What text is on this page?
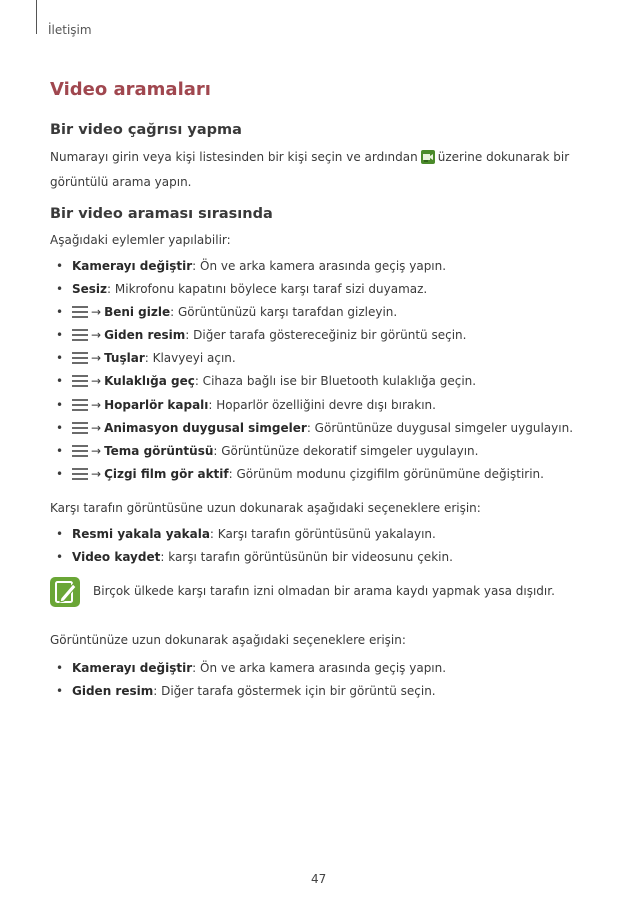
İletişim
Video aramaları
Bir video çağrısı yapma

Numarayı girin veya kişi listesinden bir kişi seçin ve ardından üzerine dokunarak bir
görüntülü arama yapın.

Bir video araması sırasında

Aşağıdaki eylemler yapılabilir:

• Kamerayı değiştir: Ön ve arka kamera arasında geçiş yapın.
• Sesiz: Mikrofonu kapatını böylece karşı taraf sizi duyamaz.
• → Beni gizle: Görüntünüzü karşı tarafdan gizleyin.
• → Giden resim: Diğer tarafa göstereceğiniz bir görüntü seçin.
• → Tuşlar: Klavyeyi açın.
• → Kulaklığa geç: Cihaza bağlı ise bir Bluetooth kulaklığa geçin.
• → Hoparlör kapalı: Hoparlör özelliğini devre dışı bırakın.
• → Animasyon duygusal simgeler: Görüntünüze duygusal simgeler uygulayın.
• → Tema görüntüsü: Görüntünüze dekoratif simgeler uygulayın.
• → Çizgi film gör aktif: Görünüm modunu çizgifilm görünümüne değiştirin.

Karşı tarafın görüntüsüne uzun dokunarak aşağıdaki seçeneklere erişin:

• Resmi yakala yakala: Karşı tarafın görüntüsünü yakalayın.
• Video kaydet: karşı tarafın görüntüsünün bir videosunu çekin.
Birçok ülkede karşı tarafın izni olmadan bir arama kaydı yapmak yasa dışıdır.

Görüntünüze uzun dokunarak aşağıdaki seçeneklere erişin:

• Kamerayı değiştir: Ön ve arka kamera arasında geçiş yapın.
• Giden resim: Diğer tarafa göstermek için bir görüntü seçin.
47
